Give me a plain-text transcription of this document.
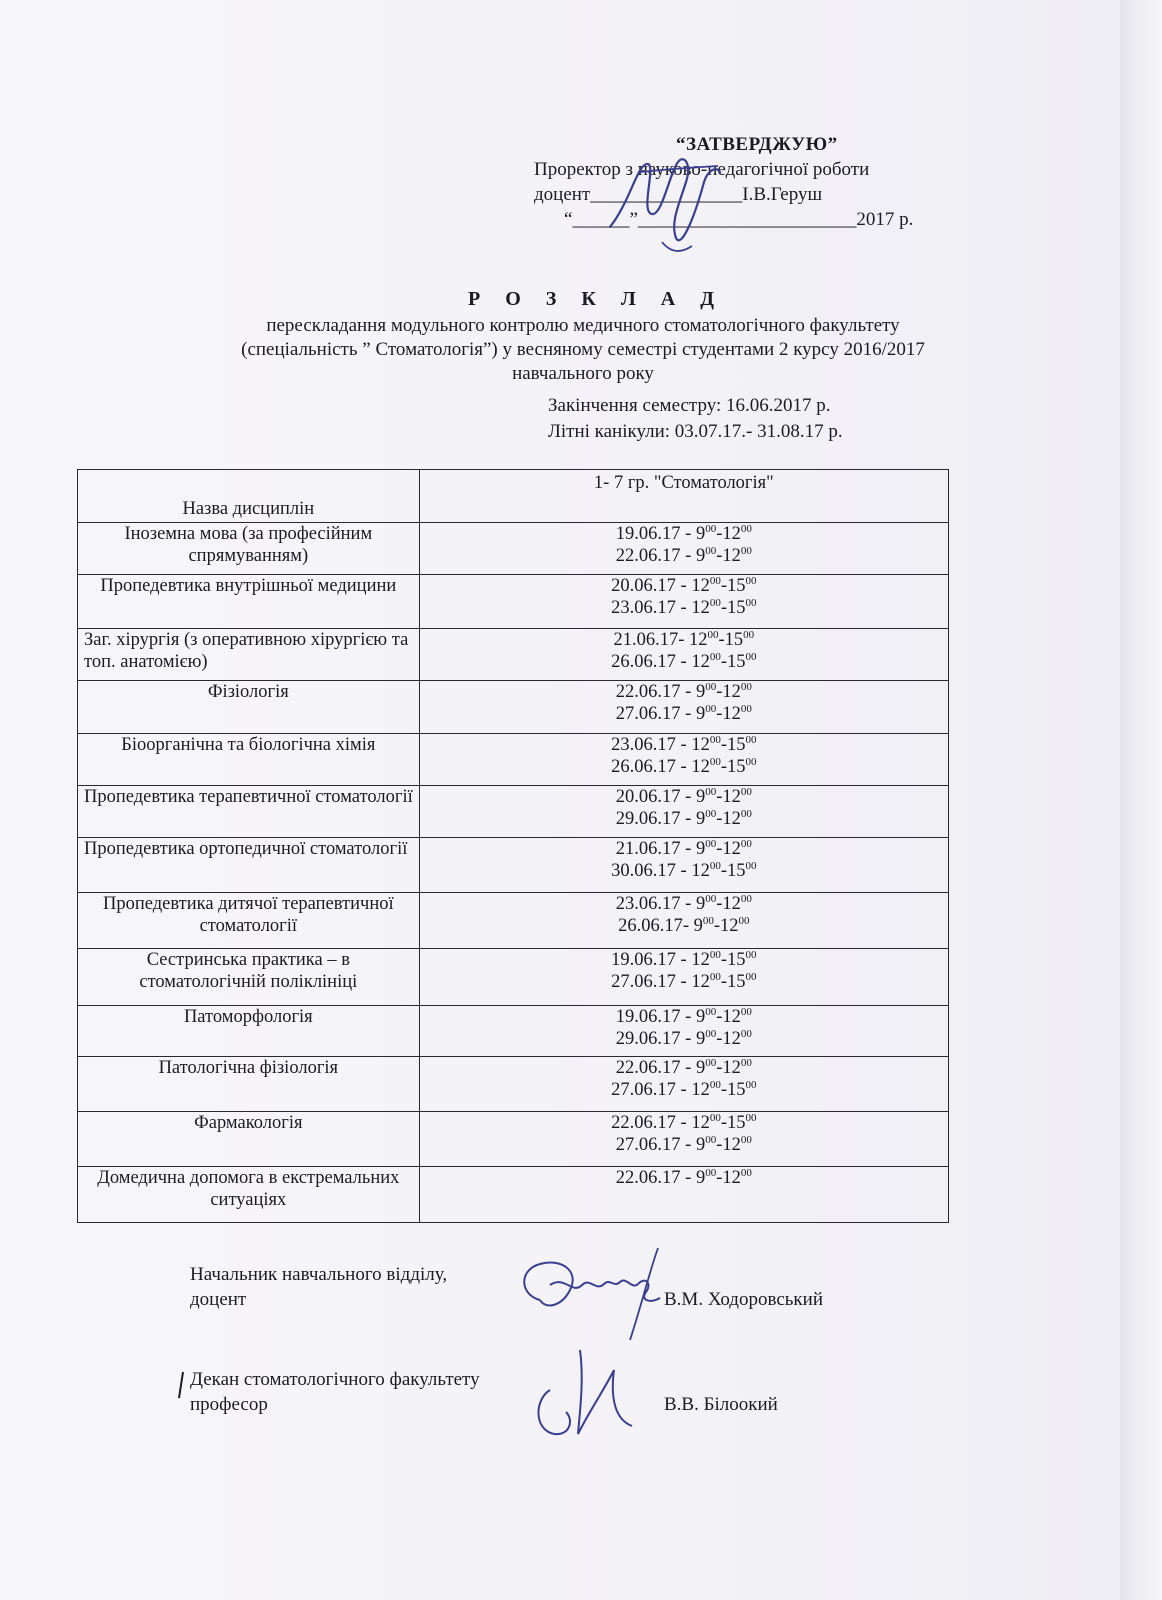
“ЗАТВЕРДЖУЮ”
Проректор з науково-педагогічної роботи
доцент________________І.В.Геруш
“______”_______________________2017 р.
Р О З К Л А Д
перескладання модульного контролю медичного стоматологічного факультету
(спеціальність ” Стоматологія”) у весняному семестрі студентами 2 курсу 2016/2017
навчального року
Закінчення семестру: 16.06.2017 р.
Літні канікули: 03.07.17.- 31.08.17 р.
Назва дисциплін	1- 7 гр. "Стоматологія"
Іноземна мова (за професійним спрямуванням)	$19.06.17 - 9^{00}-12^{00}$
$22.06.17 - 9^{00}-12^{00}$

Пропедевтика внутрішньої медицини	$20.06.17 - 12^{00}-15^{00}$
$23.06.17 - 12^{00}-15^{00}$

Заг. хірургія (з оперативною хірургією та топ. анатомією)	21.06.17- $12^{00}-15^{00}$
$26.06.17 - 12^{00}-15^{00}$

Фізіологія	$22.06.17 - 9^{00}-12^{00}$
$27.06.17 - 9^{00}-12^{00}$

Біоорганічна та біологічна хімія	$23.06.17 - 12^{00}-15^{00}$
$26.06.17 - 12^{00}-15^{00}$

Пропедевтика терапевтичної стоматології	$20.06.17 - 9^{00}-12^{00}$
$29.06.17 - 9^{00}-12^{00}$

Пропедевтика ортопедичної стоматології	$21.06.17 - 9^{00}-12^{00}$
$30.06.17 - 12^{00}-15^{00}$

Пропедевтика дитячої терапевтичної стоматології	$23.06.17 - 9^{00}-12^{00}$
26.06.17- $9^{00}-12^{00}$

Сестринська практика – в стоматологічній поліклініці	$19.06.17 - 12^{00}-15^{00}$
$27.06.17 - 12^{00}-15^{00}$

Патоморфологія	$19.06.17 - 9^{00}-12^{00}$
$29.06.17 - 9^{00}-12^{00}$

Патологічна фізіологія	$22.06.17 - 9^{00}-12^{00}$
$27.06.17 - 12^{00}-15^{00}$

Фармакологія	$22.06.17 - 12^{00}-15^{00}$
$27.06.17 - 9^{00}-12^{00}$

Домедична допомога в екстремальних ситуаціях	$22.06.17 - 9^{00}-12^{00}$
Начальник навчального відділу,
доцент	В.М. Ходоровський
Декан стоматологічного факультету
професор	В.В. Білоокий
